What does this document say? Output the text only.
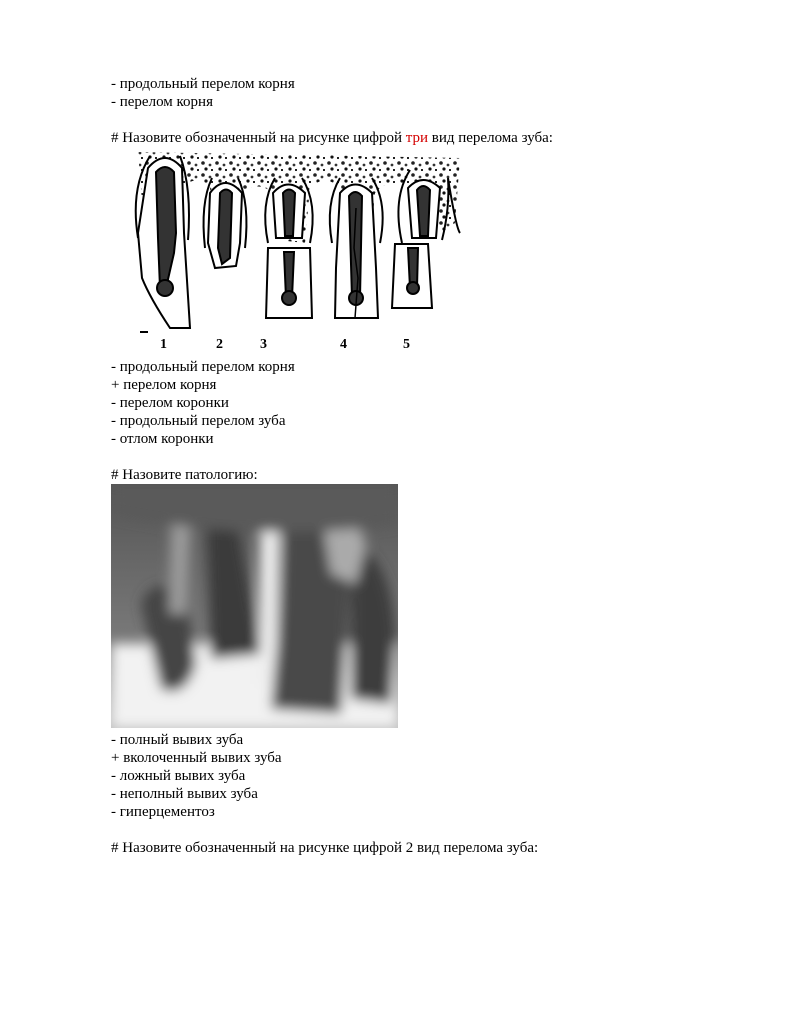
- продольный перелом корня
- перелом корня
# Назовите обозначенный на рисунке цифрой три вид перелома зуба:
1	2	3	4	5
- продольный перелом корня
+ перелом корня
- перелом коронки
- продольный перелом зуба
- отлом коронки
# Назовите патологию:
- полный вывих зуба
+ вколоченный вывих зуба
- ложный вывих зуба
- неполный вывих зуба
- гиперцементоз
# Назовите обозначенный на рисунке цифрой 2 вид перелома зуба:
